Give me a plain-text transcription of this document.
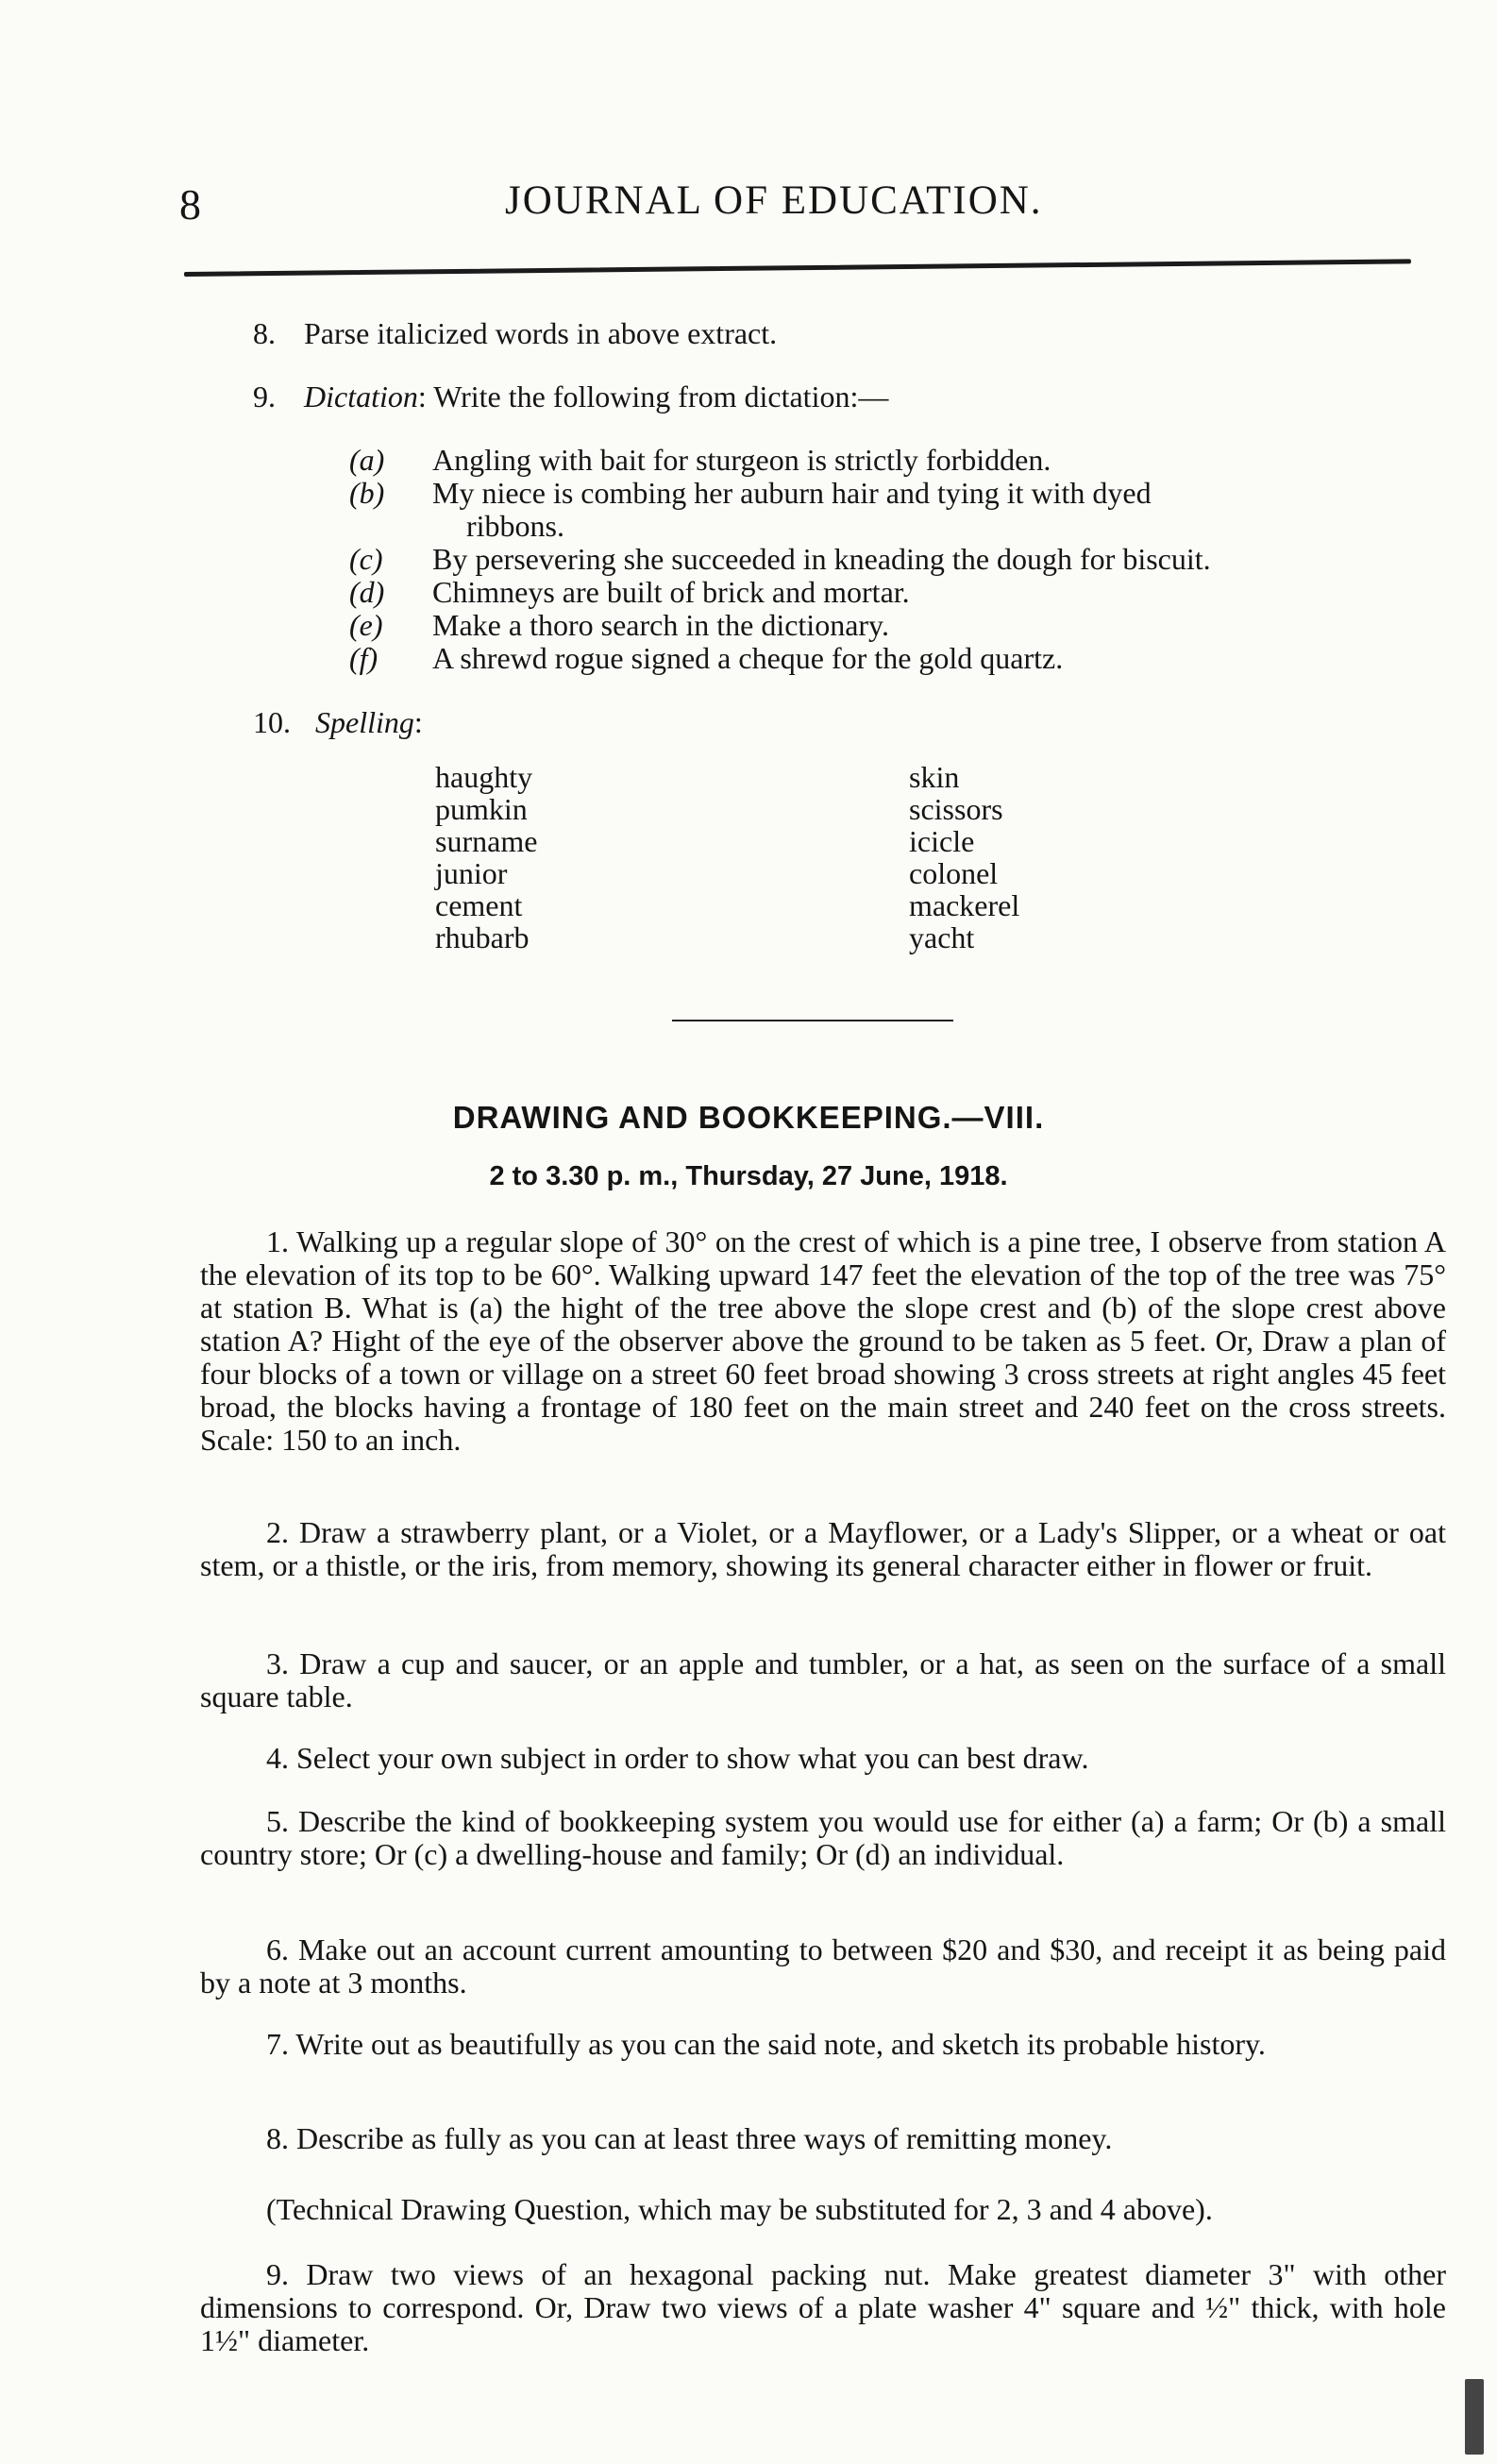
8	JOURNAL OF EDUCATION.
8. Parse italicized words in above extract.
9. Dictation: Write the following from dictation:—
(a) Angling with bait for sturgeon is strictly forbidden.
(b) My niece is combing her auburn hair and tying it with dyed
ribbons.
(c) By persevering she succeeded in kneading the dough for biscuit.
(d) Chimneys are built of brick and mortar.
(e) Make a thoro search in the dictionary.
(f) A shrewd rogue signed a cheque for the gold quartz.
10. Spelling:
haughty
pumkin
surname
junior
cement
rhubarb
skin
scissors
icicle
colonel
mackerel
yacht
DRAWING AND BOOKKEEPING.—VIII.
2 to 3.30 p. m., Thursday, 27 June, 1918.
1. Walking up a regular slope of 30° on the crest of which is a pine tree, I observe from station A the elevation of its top to be 60°. Walking upward 147 feet the elevation of the top of the tree was 75° at station B. What is (a) the hight of the tree above the slope crest and (b) of the slope crest above station A? Hight of the eye of the observer above the ground to be taken as 5 feet. Or, Draw a plan of four blocks of a town or village on a street 60 feet broad showing 3 cross streets at right angles 45 feet broad, the blocks having a frontage of 180 feet on the main street and 240 feet on the cross streets. Scale: 150 to an inch.
2. Draw a strawberry plant, or a Violet, or a Mayflower, or a Lady's Slipper, or a wheat or oat stem, or a thistle, or the iris, from memory, showing its general character either in flower or fruit.
3. Draw a cup and saucer, or an apple and tumbler, or a hat, as seen on the surface of a small square table.
4. Select your own subject in order to show what you can best draw.
5. Describe the kind of bookkeeping system you would use for either (a) a farm; Or (b) a small country store; Or (c) a dwelling-house and family; Or (d) an individual.
6. Make out an account current amounting to between $20 and $30, and receipt it as being paid by a note at 3 months.
7. Write out as beautifully as you can the said note, and sketch its probable history.
8. Describe as fully as you can at least three ways of remitting money.
(Technical Drawing Question, which may be substituted for 2, 3 and 4 above).
9. Draw two views of an hexagonal packing nut. Make greatest diameter 3" with other dimensions to correspond. Or, Draw two views of a plate washer 4" square and ½" thick, with hole 1½" diameter.
